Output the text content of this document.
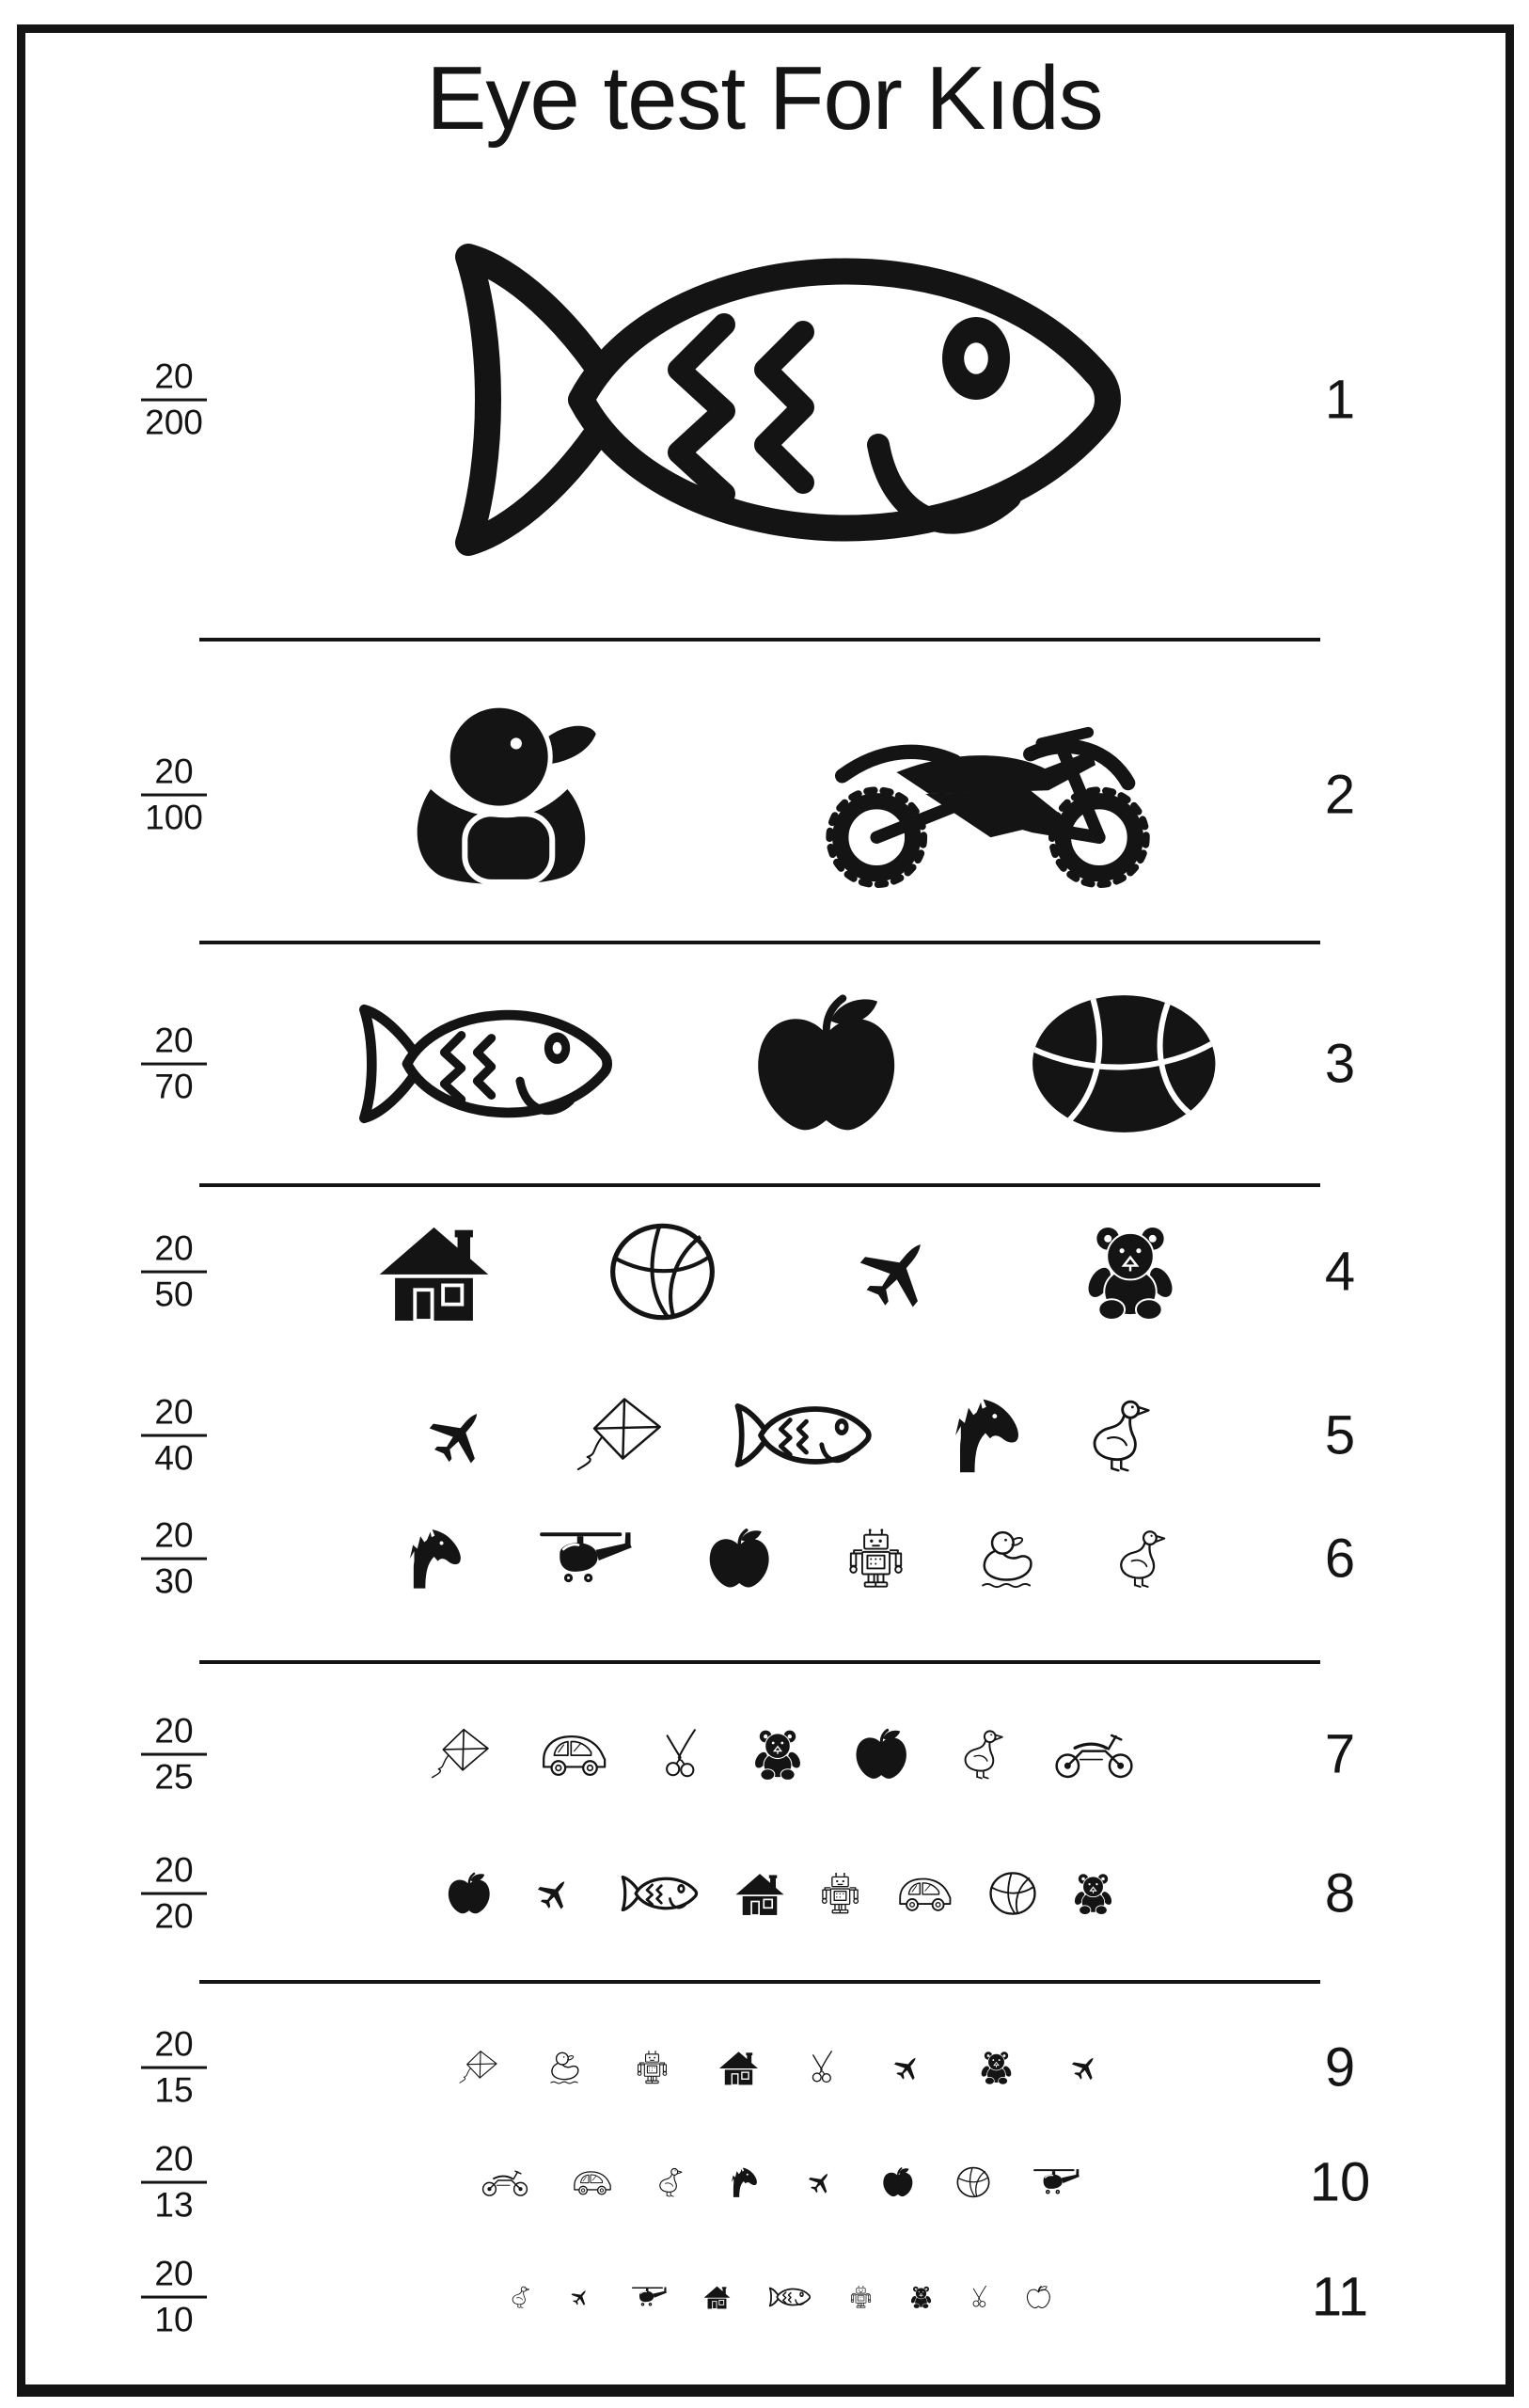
Eye test For Kıds
$\frac{20}{200}$	1
$\frac{20}{100}$	2
$\frac{20}{70}$	3
$\frac{20}{50}$	4
$\frac{20}{40}$	5
$\frac{20}{30}$	6
$\frac{20}{25}$	7
$\frac{20}{20}$	8
$\frac{20}{15}$	9
$\frac{20}{13}$	10
$\frac{20}{10}$	11
